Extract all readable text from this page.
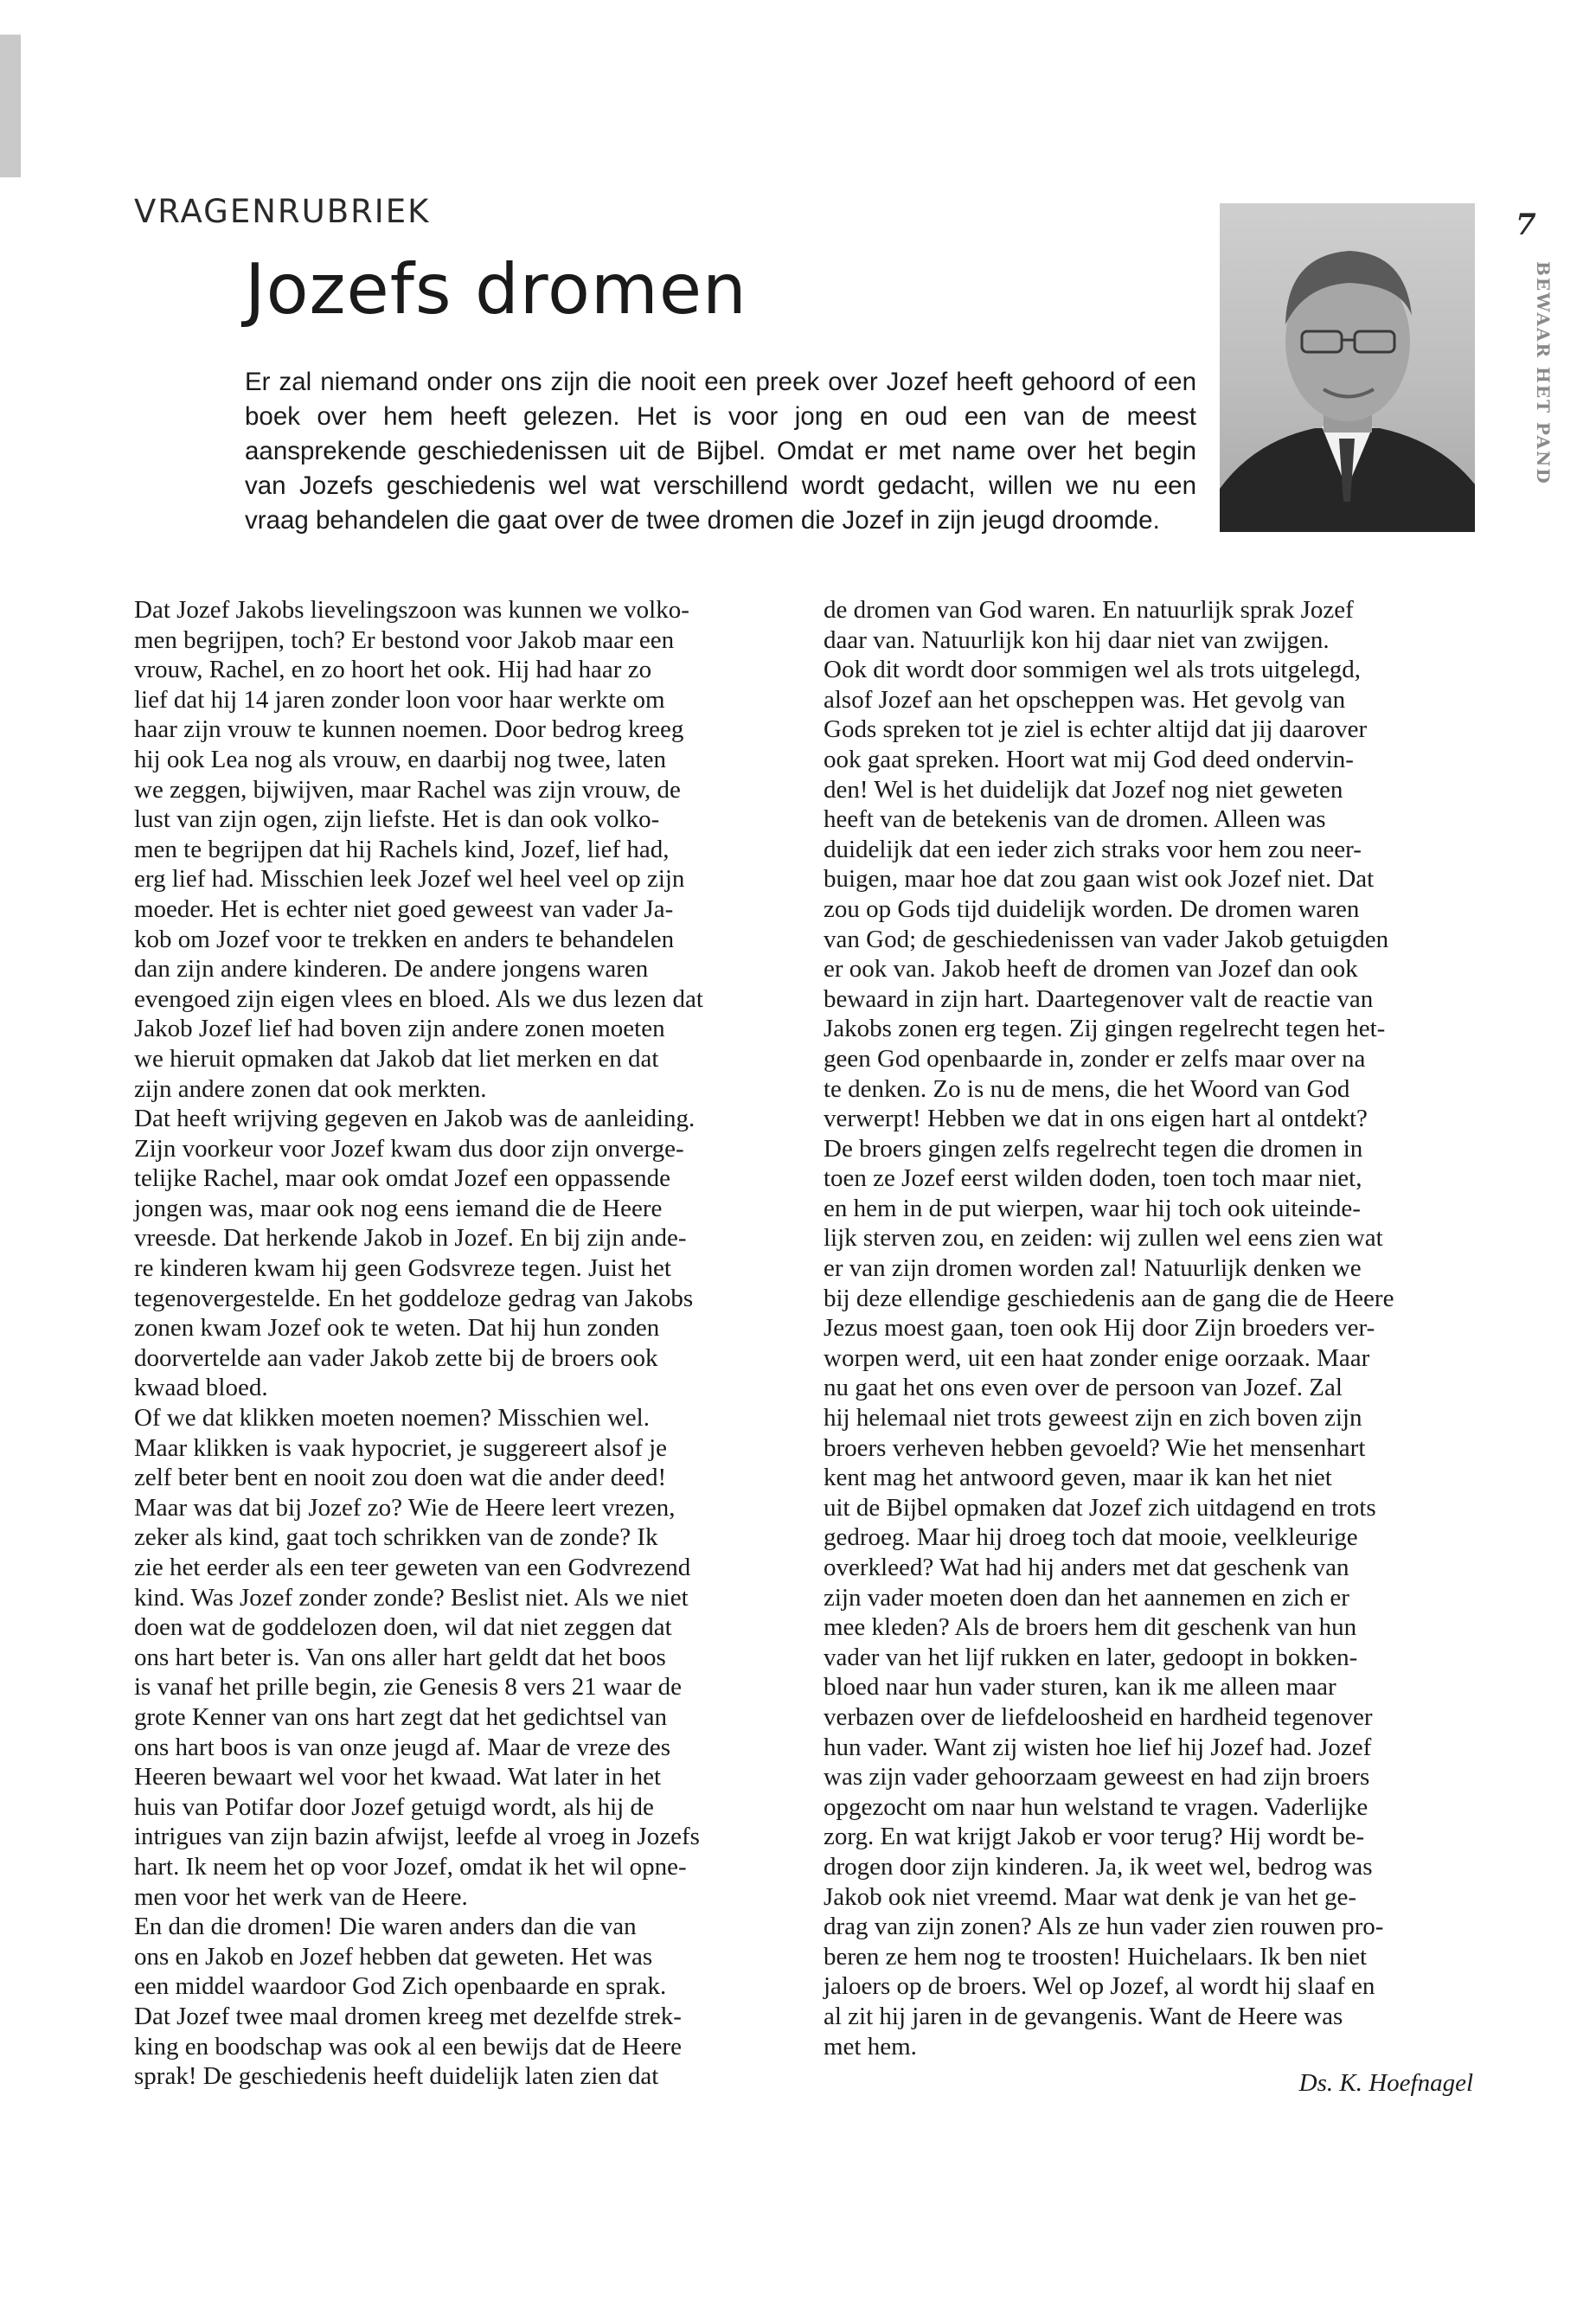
VRAGENRUBRIEK
Jozefs dromen

Er zal niemand onder ons zijn die nooit een preek over Jozef heeft gehoord of een boek over hem heeft gelezen. Het is voor jong en oud een van de meest aansprekende geschiedenissen uit de Bijbel. Omdat er met name over het begin van Jozefs geschiedenis wel wat verschillend wordt gedacht, willen we nu een vraag behandelen die gaat over de twee dromen die Jozef in zijn jeugd droomde.

7
BEWAAR HET PAND

Dat Jozef Jakobs lievelingszoon was kunnen we volko-

men begrijpen, toch? Er bestond voor Jakob maar een

vrouw, Rachel, en zo hoort het ook. Hij had haar zo

lief dat hij 14 jaren zonder loon voor haar werkte om

haar zijn vrouw te kunnen noemen. Door bedrog kreeg

hij ook Lea nog als vrouw, en daarbij nog twee, laten

we zeggen, bijwijven, maar Rachel was zijn vrouw, de

lust van zijn ogen, zijn liefste. Het is dan ook volko-

men te begrijpen dat hij Rachels kind, Jozef, lief had,

erg lief had. Misschien leek Jozef wel heel veel op zijn

moeder. Het is echter niet goed geweest van vader Ja-

kob om Jozef voor te trekken en anders te behandelen

dan zijn andere kinderen. De andere jongens waren

evengoed zijn eigen vlees en bloed. Als we dus lezen dat

Jakob Jozef lief had boven zijn andere zonen moeten

we hieruit opmaken dat Jakob dat liet merken en dat

zijn andere zonen dat ook merkten.

Dat heeft wrijving gegeven en Jakob was de aanleiding.

Zijn voorkeur voor Jozef kwam dus door zijn onverge-

telijke Rachel, maar ook omdat Jozef een oppassende

jongen was, maar ook nog eens iemand die de Heere

vreesde. Dat herkende Jakob in Jozef. En bij zijn ande-

re kinderen kwam hij geen Godsvreze tegen. Juist het

tegenovergestelde. En het goddeloze gedrag van Jakobs

zonen kwam Jozef ook te weten. Dat hij hun zonden

doorvertelde aan vader Jakob zette bij de broers ook

kwaad bloed.

Of we dat klikken moeten noemen? Misschien wel.

Maar klikken is vaak hypocriet, je suggereert alsof je

zelf beter bent en nooit zou doen wat die ander deed!

Maar was dat bij Jozef zo? Wie de Heere leert vrezen,

zeker als kind, gaat toch schrikken van de zonde? Ik

zie het eerder als een teer geweten van een Godvrezend

kind. Was Jozef zonder zonde? Beslist niet. Als we niet

doen wat de goddelozen doen, wil dat niet zeggen dat

ons hart beter is. Van ons aller hart geldt dat het boos

is vanaf het prille begin, zie Genesis 8 vers 21 waar de

grote Kenner van ons hart zegt dat het gedichtsel van

ons hart boos is van onze jeugd af. Maar de vreze des

Heeren bewaart wel voor het kwaad. Wat later in het

huis van Potifar door Jozef getuigd wordt, als hij de

intrigues van zijn bazin afwijst, leefde al vroeg in Jozefs

hart. Ik neem het op voor Jozef, omdat ik het wil opne-

men voor het werk van de Heere.

En dan die dromen! Die waren anders dan die van

ons en Jakob en Jozef hebben dat geweten. Het was

een middel waardoor God Zich openbaarde en sprak.

Dat Jozef twee maal dromen kreeg met dezelfde strek-

king en boodschap was ook al een bewijs dat de Heere

sprak! De geschiedenis heeft duidelijk laten zien dat

de dromen van God waren. En natuurlijk sprak Jozef

daar van. Natuurlijk kon hij daar niet van zwijgen.

Ook dit wordt door sommigen wel als trots uitgelegd,

alsof Jozef aan het opscheppen was. Het gevolg van

Gods spreken tot je ziel is echter altijd dat jij daarover

ook gaat spreken. Hoort wat mij God deed ondervin-

den! Wel is het duidelijk dat Jozef nog niet geweten

heeft van de betekenis van de dromen. Alleen was

duidelijk dat een ieder zich straks voor hem zou neer-

buigen, maar hoe dat zou gaan wist ook Jozef niet. Dat

zou op Gods tijd duidelijk worden. De dromen waren

van God; de geschiedenissen van vader Jakob getuigden

er ook van. Jakob heeft de dromen van Jozef dan ook

bewaard in zijn hart. Daartegenover valt de reactie van

Jakobs zonen erg tegen. Zij gingen regelrecht tegen het-

geen God openbaarde in, zonder er zelfs maar over na

te denken. Zo is nu de mens, die het Woord van God

verwerpt! Hebben we dat in ons eigen hart al ontdekt?

De broers gingen zelfs regelrecht tegen die dromen in

toen ze Jozef eerst wilden doden, toen toch maar niet,

en hem in de put wierpen, waar hij toch ook uiteinde-

lijk sterven zou, en zeiden: wij zullen wel eens zien wat

er van zijn dromen worden zal! Natuurlijk denken we

bij deze ellendige geschiedenis aan de gang die de Heere

Jezus moest gaan, toen ook Hij door Zijn broeders ver-

worpen werd, uit een haat zonder enige oorzaak. Maar

nu gaat het ons even over de persoon van Jozef. Zal

hij helemaal niet trots geweest zijn en zich boven zijn

broers verheven hebben gevoeld? Wie het mensenhart

kent mag het antwoord geven, maar ik kan het niet

uit de Bijbel opmaken dat Jozef zich uitdagend en trots

gedroeg. Maar hij droeg toch dat mooie, veelkleurige

overkleed? Wat had hij anders met dat geschenk van

zijn vader moeten doen dan het aannemen en zich er

mee kleden? Als de broers hem dit geschenk van hun

vader van het lijf rukken en later, gedoopt in bokken-

bloed naar hun vader sturen, kan ik me alleen maar

verbazen over de liefdeloosheid en hardheid tegenover

hun vader. Want zij wisten hoe lief hij Jozef had. Jozef

was zijn vader gehoorzaam geweest en had zijn broers

opgezocht om naar hun welstand te vragen. Vaderlijke

zorg. En wat krijgt Jakob er voor terug? Hij wordt be-

drogen door zijn kinderen. Ja, ik weet wel, bedrog was

Jakob ook niet vreemd. Maar wat denk je van het ge-

drag van zijn zonen? Als ze hun vader zien rouwen pro-

beren ze hem nog te troosten! Huichelaars. Ik ben niet

jaloers op de broers. Wel op Jozef, al wordt hij slaaf en

al zit hij jaren in de gevangenis. Want de Heere was

met hem.

Ds. K. Hoefnagel
